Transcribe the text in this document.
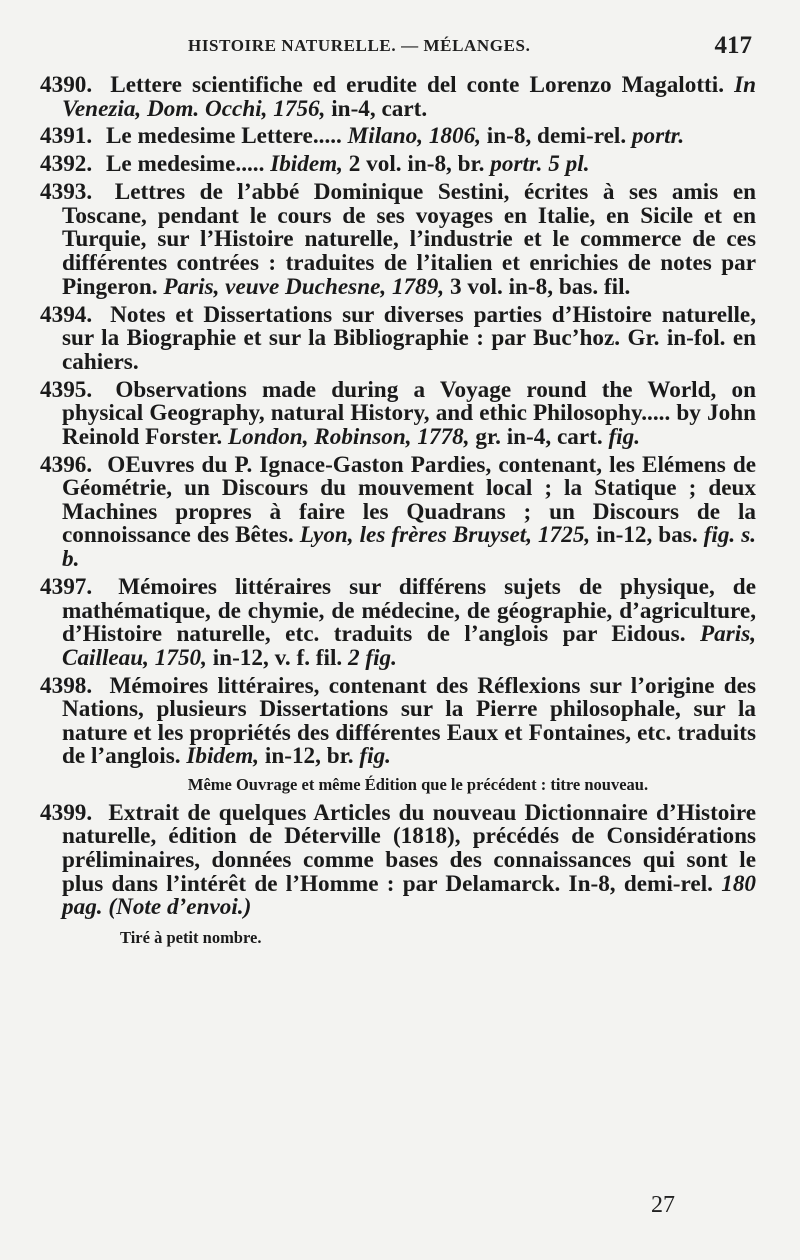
HISTOIRE NATURELLE. — MÉLANGES.	417
4390. Lettere scientifiche ed erudite del conte Lorenzo Magalotti. In Venezia, Dom. Occhi, 1756, in-4, cart.
4391. Le medesime Lettere..... Milano, 1806, in-8, demi-rel. portr.
4392. Le medesime..... Ibidem, 2 vol. in-8, br. portr. 5 pl.
4393. Lettres de l’abbé Dominique Sestini, écrites à ses amis en Toscane, pendant le cours de ses voyages en Italie, en Sicile et en Turquie, sur l’Histoire naturelle, l’industrie et le commerce de ces différentes contrées : traduites de l’italien et enrichies de notes par Pingeron. Paris, veuve Duchesne, 1789, 3 vol. in-8, bas. fil.
4394. Notes et Dissertations sur diverses parties d’Histoire naturelle, sur la Biographie et sur la Bibliographie : par Buc’hoz. Gr. in-fol. en cahiers.
4395. Observations made during a Voyage round the World, on physical Geography, natural History, and ethic Philosophy..... by John Reinold Forster. London, Robinson, 1778, gr. in-4, cart. fig.
4396. OEuvres du P. Ignace-Gaston Pardies, contenant, les Elémens de Géométrie, un Discours du mouvement local ; la Statique ; deux Machines propres à faire les Quadrans ; un Discours de la connoissance des Bêtes. Lyon, les frères Bruyset, 1725, in-12, bas. fig. s. b.
4397. Mémoires littéraires sur différens sujets de physique, de mathématique, de chymie, de médecine, de géographie, d’agriculture, d’Histoire naturelle, etc. traduits de l’anglois par Eidous. Paris, Cailleau, 1750, in-12, v. f. fil. 2 fig.
4398. Mémoires littéraires, contenant des Réflexions sur l’origine des Nations, plusieurs Dissertations sur la Pierre philosophale, sur la nature et les propriétés des différentes Eaux et Fontaines, etc. traduits de l’anglois. Ibidem, in-12, br. fig.
Même Ouvrage et même Édition que le précédent : titre nouveau.
4399. Extrait de quelques Articles du nouveau Dictionnaire d’Histoire naturelle, édition de Déterville (1818), précédés de Considérations préliminaires, données comme bases des connaissances qui sont le plus dans l’intérêt de l’Homme : par Delamarck. In-8, demi-rel. 180 pag. (Note d’envoi.)
Tiré à petit nombre.
27
